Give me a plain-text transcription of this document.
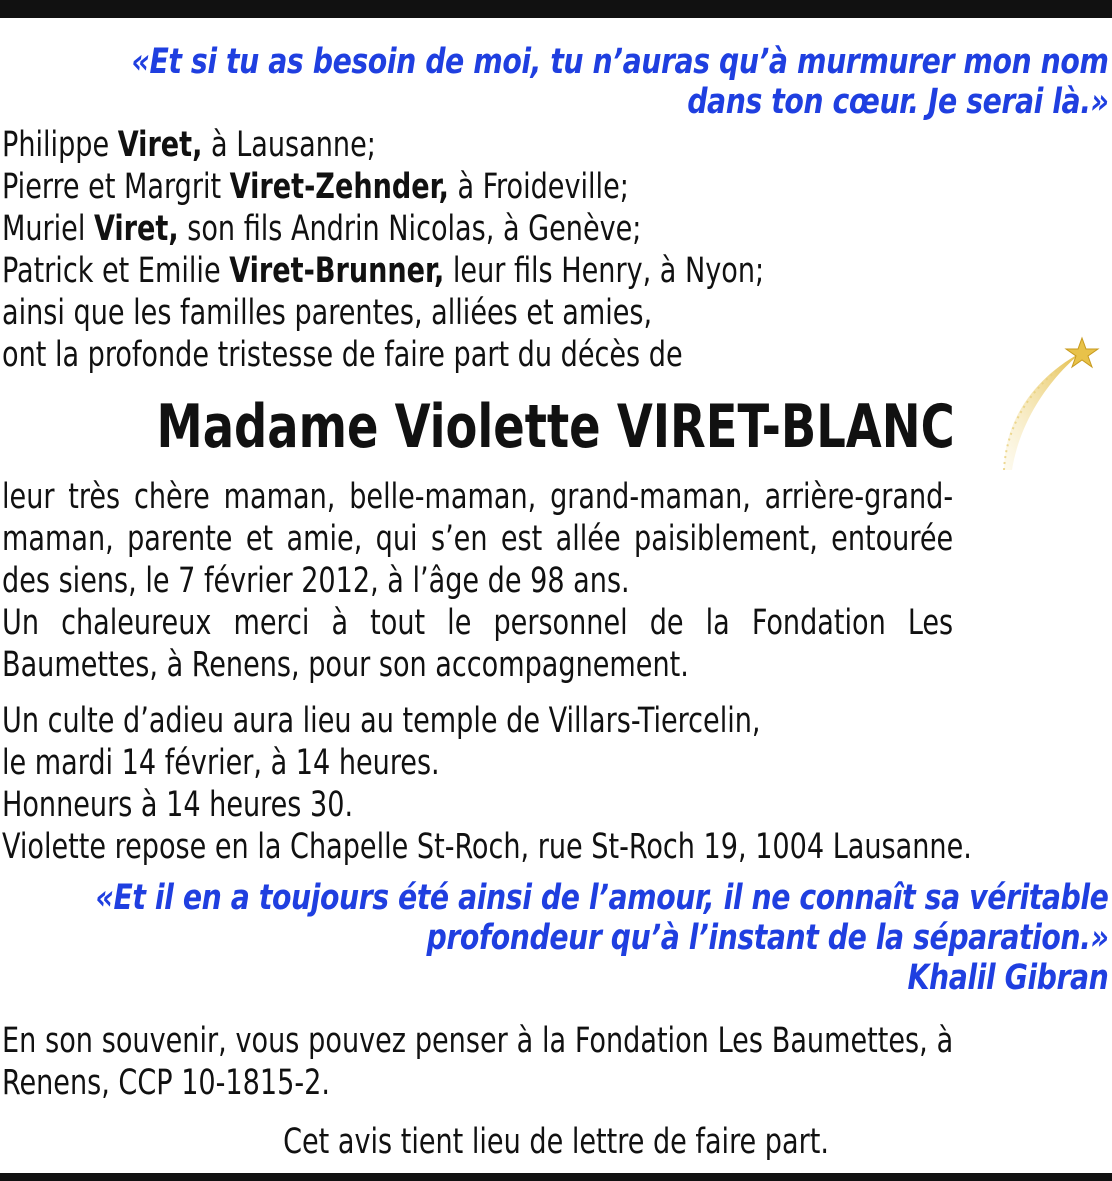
«Et si tu as besoin de moi, tu n’auras qu’à murmurer mon nom
dans ton cœur. Je serai là.»
Philippe Viret, à Lausanne;
Pierre et Margrit Viret-Zehnder, à Froideville;
Muriel Viret, son fils Andrin Nicolas, à Genève;
Patrick et Emilie Viret-Brunner, leur fils Henry, à Nyon;
ainsi que les familles parentes, alliées et amies,
ont la profonde tristesse de faire part du décès de
Madame Violette VIRET-BLANC
leur très chère maman, belle-maman, grand-maman, arrière-grand-maman, parente et amie, qui s’en est allée paisiblement, entourée des siens, le 7 février 2012, à l’âge de 98 ans.
Un chaleureux merci à tout le personnel de la Fondation Les Baumettes, à Renens, pour son accompagnement.
Un culte d’adieu aura lieu au temple de Villars-Tiercelin,
le mardi 14 février, à 14 heures.
Honneurs à 14 heures 30.
Violette repose en la Chapelle St-Roch, rue St-Roch 19, 1004 Lausanne.
«Et il en a toujours été ainsi de l’amour, il ne connaît sa véritable
profondeur qu’à l’instant de la séparation.»
Khalil Gibran
En son souvenir, vous pouvez penser à la Fondation Les Baumettes, à Renens, CCP 10-1815-2.
Cet avis tient lieu de lettre de faire part.
